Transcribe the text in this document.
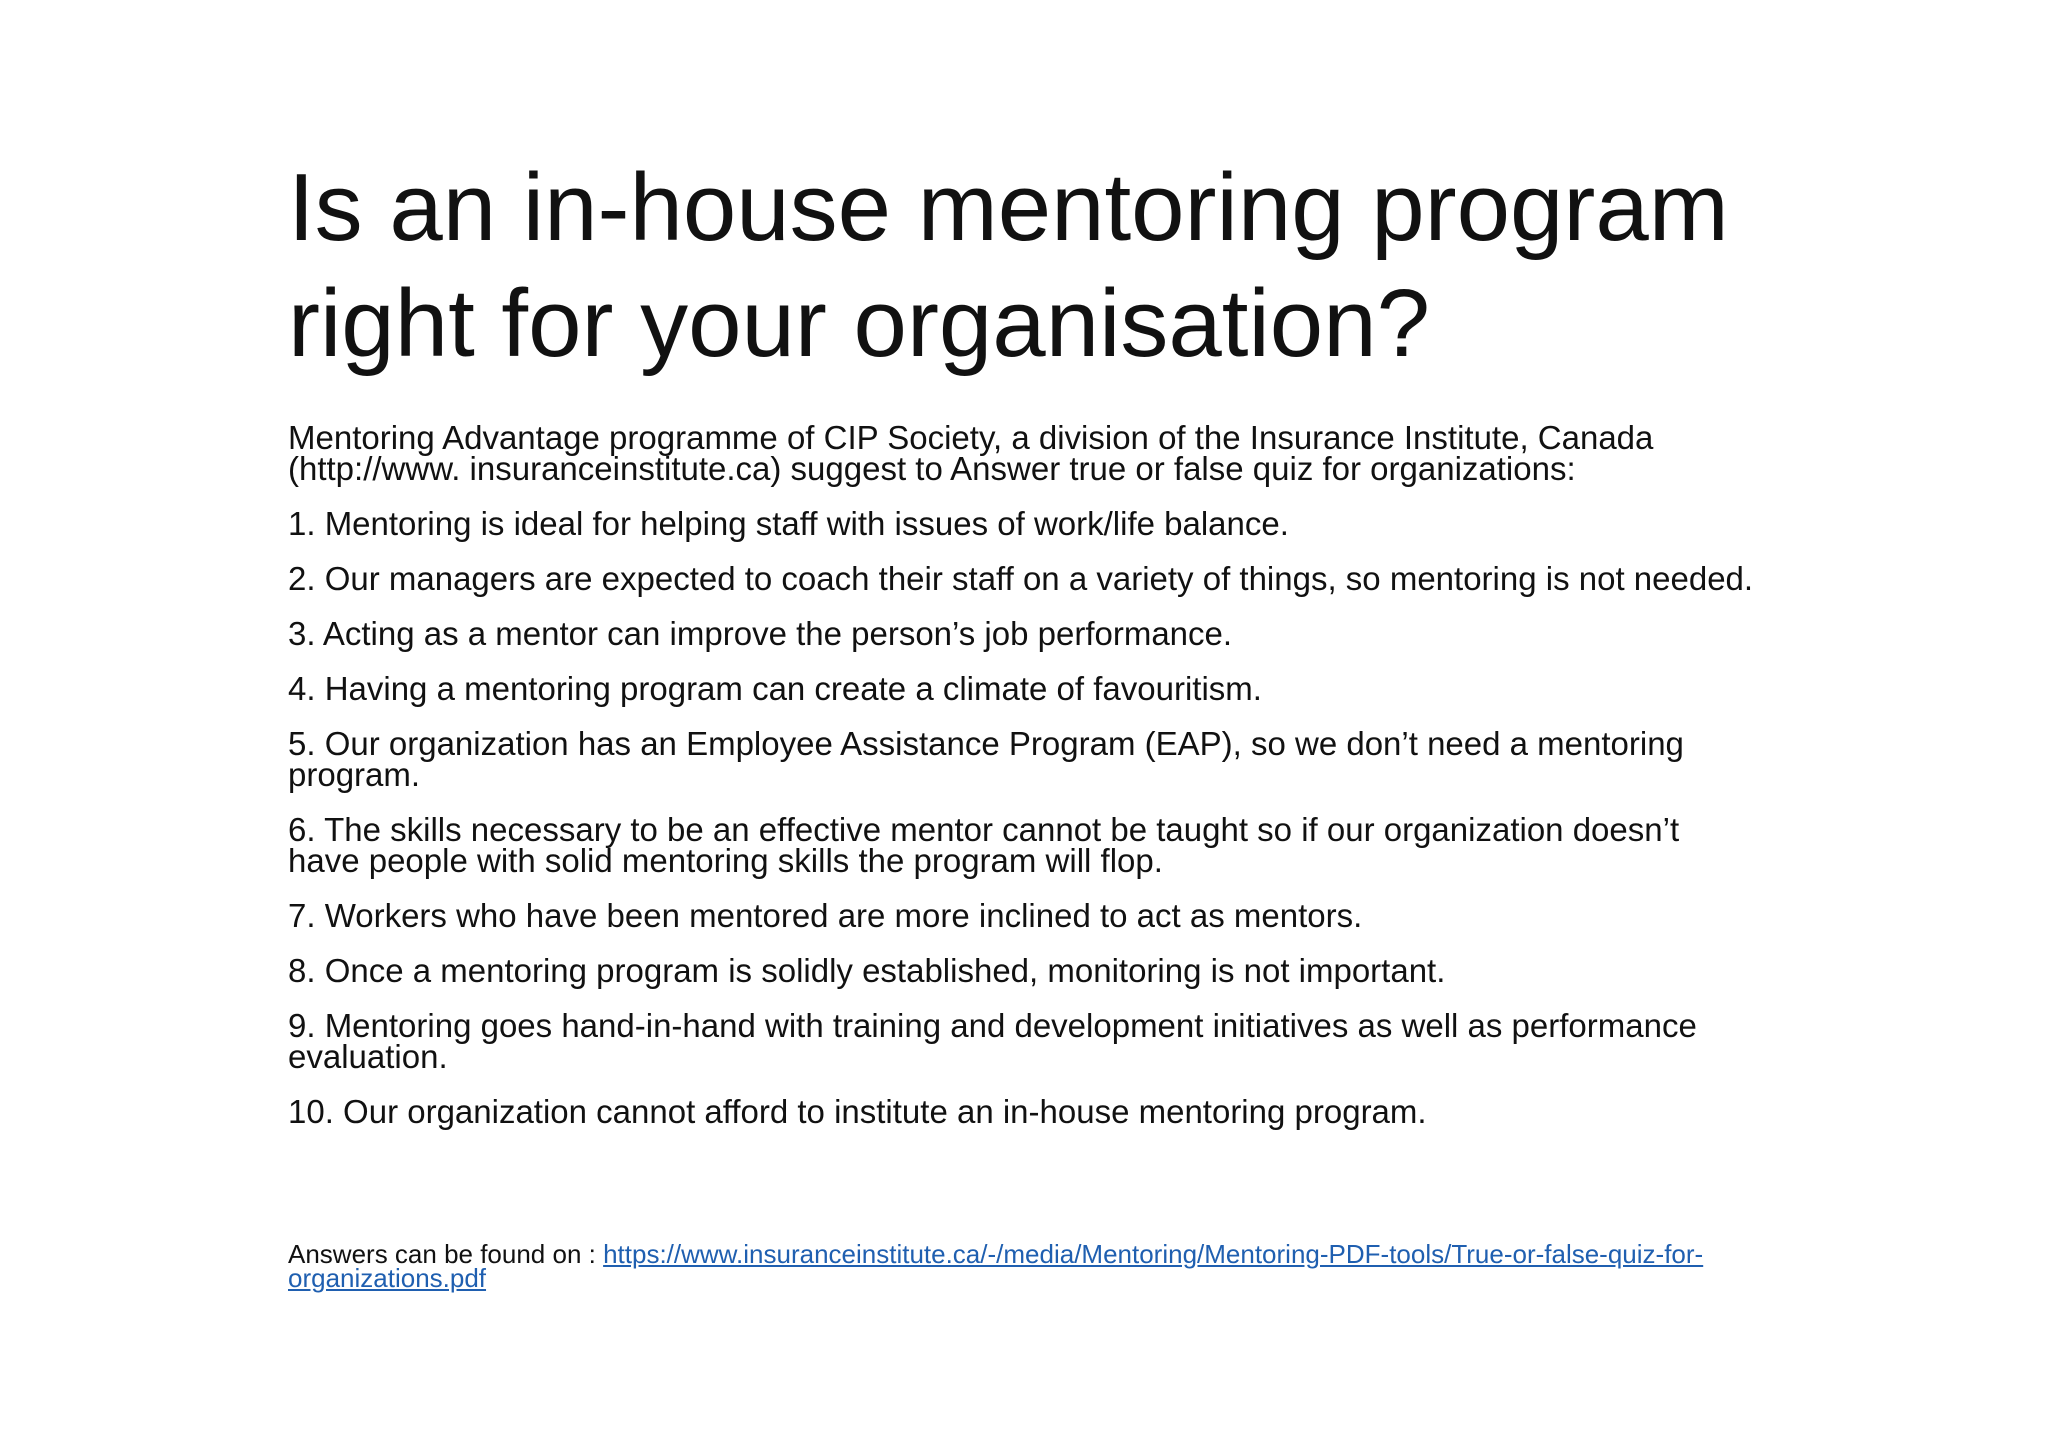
Is an in-house mentoring program right for your organisation?

Mentoring Advantage programme of CIP Society, a division of the Insurance Institute, Canada (http://www. insuranceinstitute.ca) suggest to Answer true or false quiz for organizations:

1. Mentoring is ideal for helping staff with issues of work/life balance.
2. Our managers are expected to coach their staff on a variety of things, so mentoring is not needed.
3. Acting as a mentor can improve the person’s job performance.
4. Having a mentoring program can create a climate of favouritism.
5. Our organization has an Employee Assistance Program (EAP), so we don’t need a mentoring program.
6. The skills necessary to be an effective mentor cannot be taught so if our organization doesn’t have people with solid mentoring skills the program will flop.
7. Workers who have been mentored are more inclined to act as mentors.
8. Once a mentoring program is solidly established, monitoring is not important.
9. Mentoring goes hand-in-hand with training and development initiatives as well as performance evaluation.
10. Our organization cannot afford to institute an in-house mentoring program.
Answers can be found on : https://www.insuranceinstitute.ca/-/media/Mentoring/Mentoring-PDF-tools/True-or-false-quiz-for-organizations.pdf
